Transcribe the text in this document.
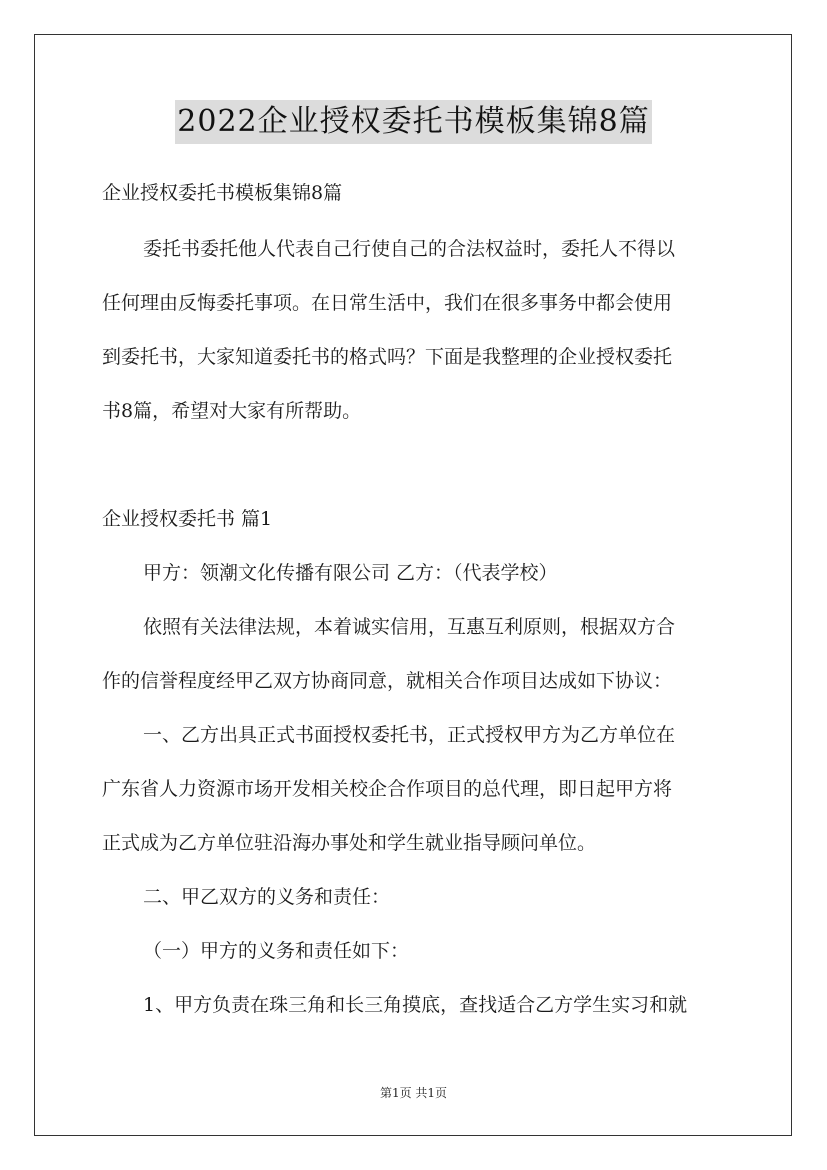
2022企业授权委托书模板集锦8篇
企业授权委托书模板集锦8篇
委托书委托他人代表自己行使自己的合法权益时，委托人不得以
任何理由反悔委托事项。在日常生活中，我们在很多事务中都会使用
到委托书，大家知道委托书的格式吗？下面是我整理的企业授权委托
书8篇，希望对大家有所帮助。
企业授权委托书 篇1
甲方：领潮文化传播有限公司 乙方：（代表学校）
依照有关法律法规，本着诚实信用，互惠互利原则，根据双方合
作的信誉程度经甲乙双方协商同意，就相关合作项目达成如下协议：
一、乙方出具正式书面授权委托书，正式授权甲方为乙方单位在
广东省人力资源市场开发相关校企合作项目的总代理，即日起甲方将
正式成为乙方单位驻沿海办事处和学生就业指导顾问单位。
二、甲乙双方的义务和责任：
（一）甲方的义务和责任如下：
1、甲方负责在珠三角和长三角摸底，查找适合乙方学生实习和就
第1页 共1页
